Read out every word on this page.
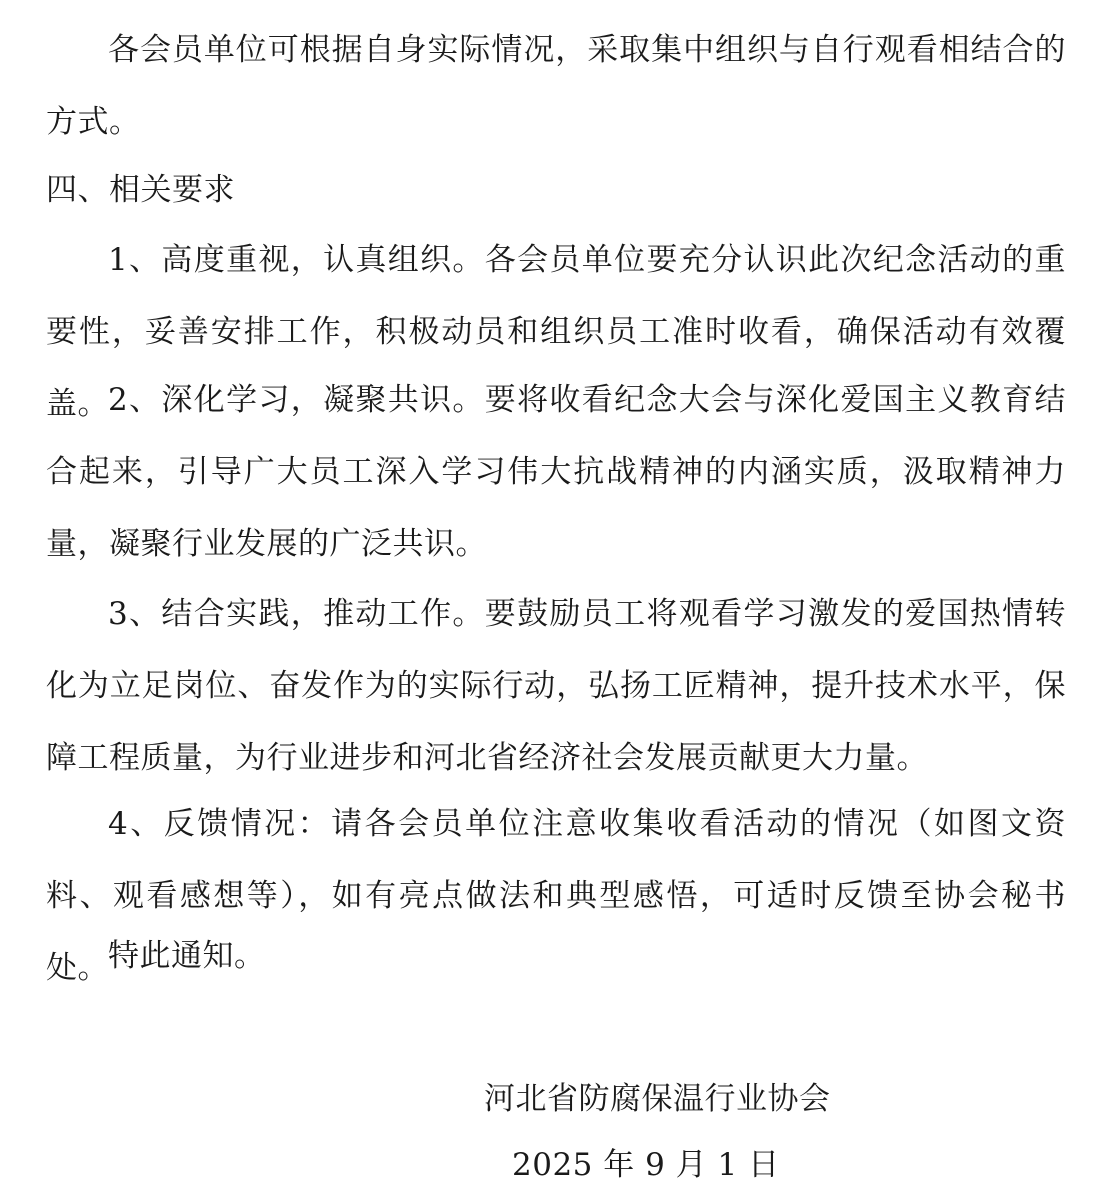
各会员单位可根据自身实际情况，采取集中组织与自行观看相结合的方式。

四、相关要求

1、高度重视，认真组织。各会员单位要充分认识此次纪念活动的重要性，妥善安排工作，积极动员和组织员工准时收看，确保活动有效覆盖。 2、深化学习，凝聚共识。要将收看纪念大会与深化爱国主义教育结合起来，引导广大员工深入学习伟大抗战精神的内涵实质，汲取精神力量，凝聚行业发展的广泛共识。

3、结合实践，推动工作。要鼓励员工将观看学习激发的爱国热情转化为立足岗位、奋发作为的实际行动，弘扬工匠精神，提升技术水平，保障工程质量，为行业进步和河北省经济社会发展贡献更大力量。

4、反馈情况：请各会员单位注意收集收看活动的情况（如图文资料、观看感想等），如有亮点做法和典型感悟，可适时反馈至协会秘书处。 特此通知。

河北省防腐保温行业协会

2025 年 9 月 1 日
